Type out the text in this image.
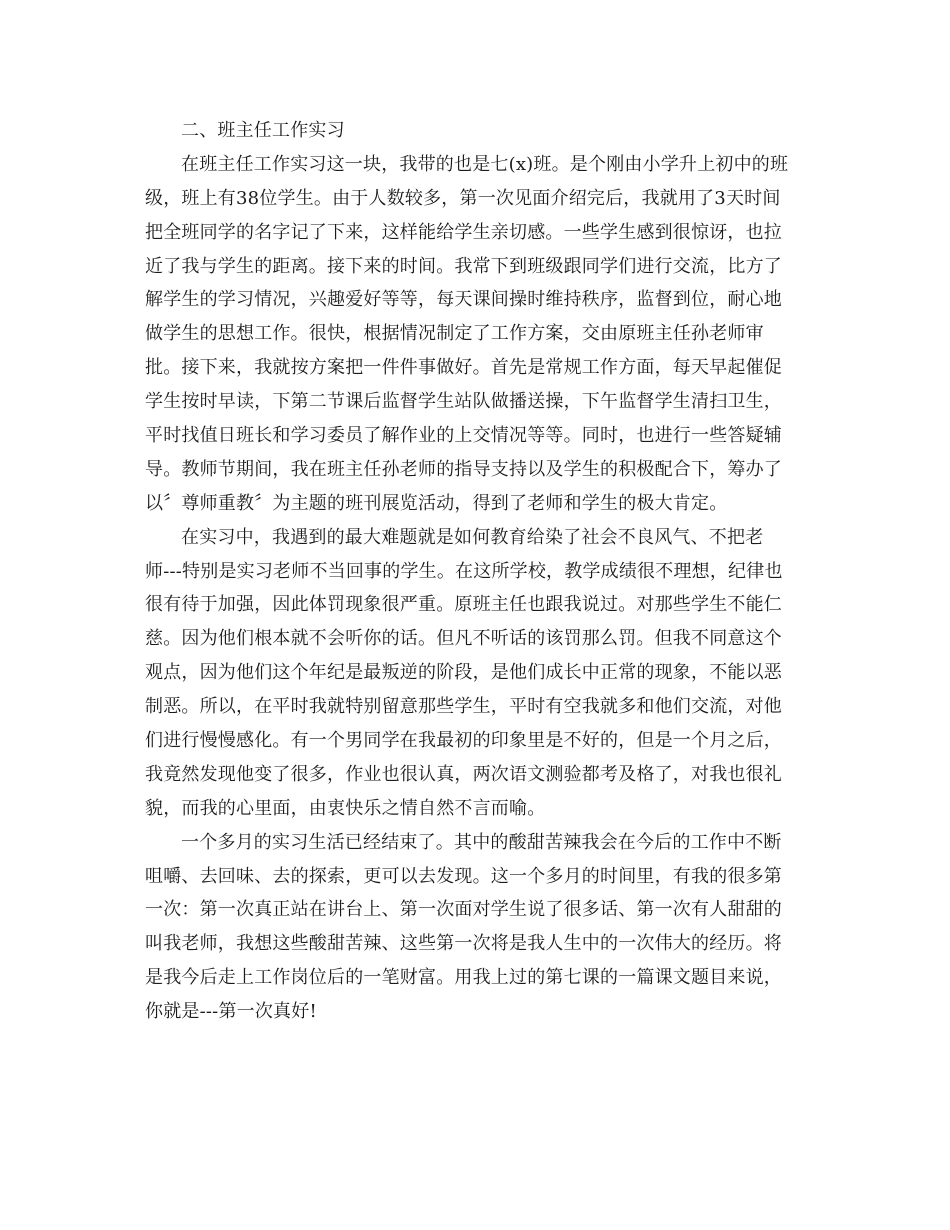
二、班主任工作实习
在班主任工作实习这一块，我带的也是七(x)班。是个刚由小学升上初中的班
级，班上有38位学生。由于人数较多，第一次见面介绍完后，我就用了3天时间
把全班同学的名字记了下来，这样能给学生亲切感。一些学生感到很惊讶，也拉
近了我与学生的距离。接下来的时间。我常下到班级跟同学们进行交流，比方了
解学生的学习情况，兴趣爱好等等，每天课间操时维持秩序，监督到位，耐心地
做学生的思想工作。很快，根据情况制定了工作方案，交由原班主任孙老师审
批。接下来，我就按方案把一件件事做好。首先是常规工作方面，每天早起催促
学生按时早读，下第二节课后监督学生站队做播送操，下午监督学生清扫卫生，
平时找值日班长和学习委员了解作业的上交情况等等。同时，也进行一些答疑辅
导。教师节期间，我在班主任孙老师的指导支持以及学生的积极配合下，筹办了
以〞尊师重教〞为主题的班刊展览活动，得到了老师和学生的极大肯定。
在实习中，我遇到的最大难题就是如何教育给染了社会不良风气、不把老
师---特别是实习老师不当回事的学生。在这所学校，教学成绩很不理想，纪律也
很有待于加强，因此体罚现象很严重。原班主任也跟我说过。对那些学生不能仁
慈。因为他们根本就不会听你的话。但凡不听话的该罚那么罚。但我不同意这个
观点，因为他们这个年纪是最叛逆的阶段，是他们成长中正常的现象，不能以恶
制恶。所以，在平时我就特别留意那些学生，平时有空我就多和他们交流，对他
们进行慢慢感化。有一个男同学在我最初的印象里是不好的，但是一个月之后，
我竟然发现他变了很多，作业也很认真，两次语文测验都考及格了，对我也很礼
貌，而我的心里面，由衷快乐之情自然不言而喻。
一个多月的实习生活已经结束了。其中的酸甜苦辣我会在今后的工作中不断
咀嚼、去回味、去的探索，更可以去发现。这一个多月的时间里，有我的很多第
一次：第一次真正站在讲台上、第一次面对学生说了很多话、第一次有人甜甜的
叫我老师，我想这些酸甜苦辣、这些第一次将是我人生中的一次伟大的经历。将
是我今后走上工作岗位后的一笔财富。用我上过的第七课的一篇课文题目来说，
你就是---第一次真好!
